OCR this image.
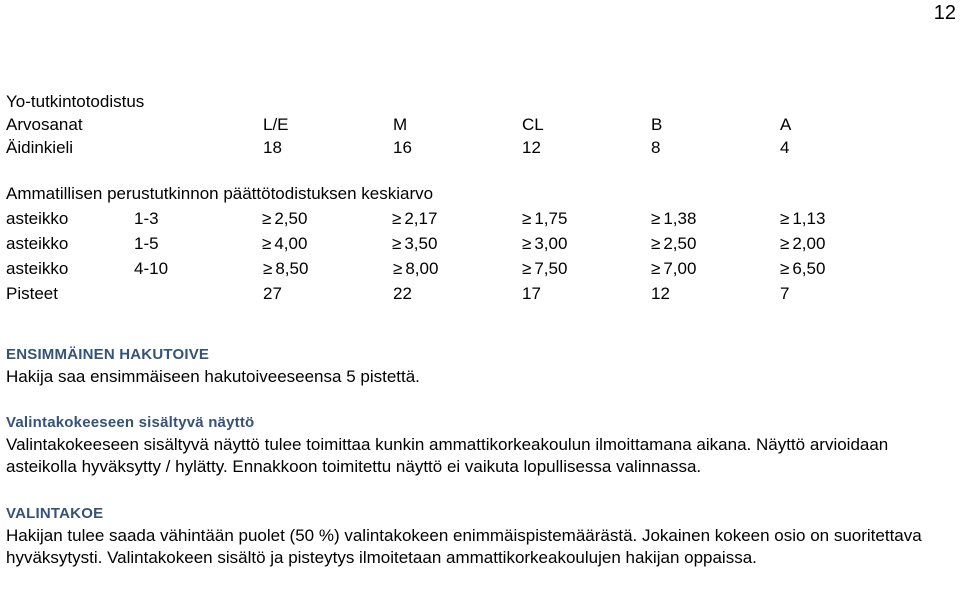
12
Yo-tutkintotodistus
Arvosanat	L/E	M	CL	B	A
Äidinkieli	18	16	12	8	4
Ammatillisen perustutkinnon päättötodistuksen keskiarvo
asteikko	1-3	≥ 2,50	≥ 2,17	≥ 1,75	≥ 1,38	≥ 1,13
asteikko	1-5	≥ 4,00	≥ 3,50	≥ 3,00	≥ 2,50	≥ 2,00
asteikko	4-10	≥ 8,50	≥ 8,00	≥ 7,50	≥ 7,00	≥ 6,50
Pisteet	27	22	17	12	7

ENSIMMÄINEN HAKUTOIVE

Hakija saa ensimmäiseen hakutoiveeseensa 5 pistettä.

Valintakokeeseen sisältyvä näyttö

Valintakokeeseen sisältyvä näyttö tulee toimittaa kunkin ammattikorkeakoulun ilmoittamana aikana. Näyttö arvioidaan asteikolla hyväksytty / hylätty. Ennakkoon toimitettu näyttö ei vaikuta lopullisessa valinnassa.

VALINTAKOE

Hakijan tulee saada vähintään puolet (50 %) valintakokeen enimmäispistemäärästä. Jokainen kokeen osio on suoritettava hyväksytysti. Valintakokeen sisältö ja pisteytys ilmoitetaan ammattikorkeakoulujen hakijan oppaissa.
